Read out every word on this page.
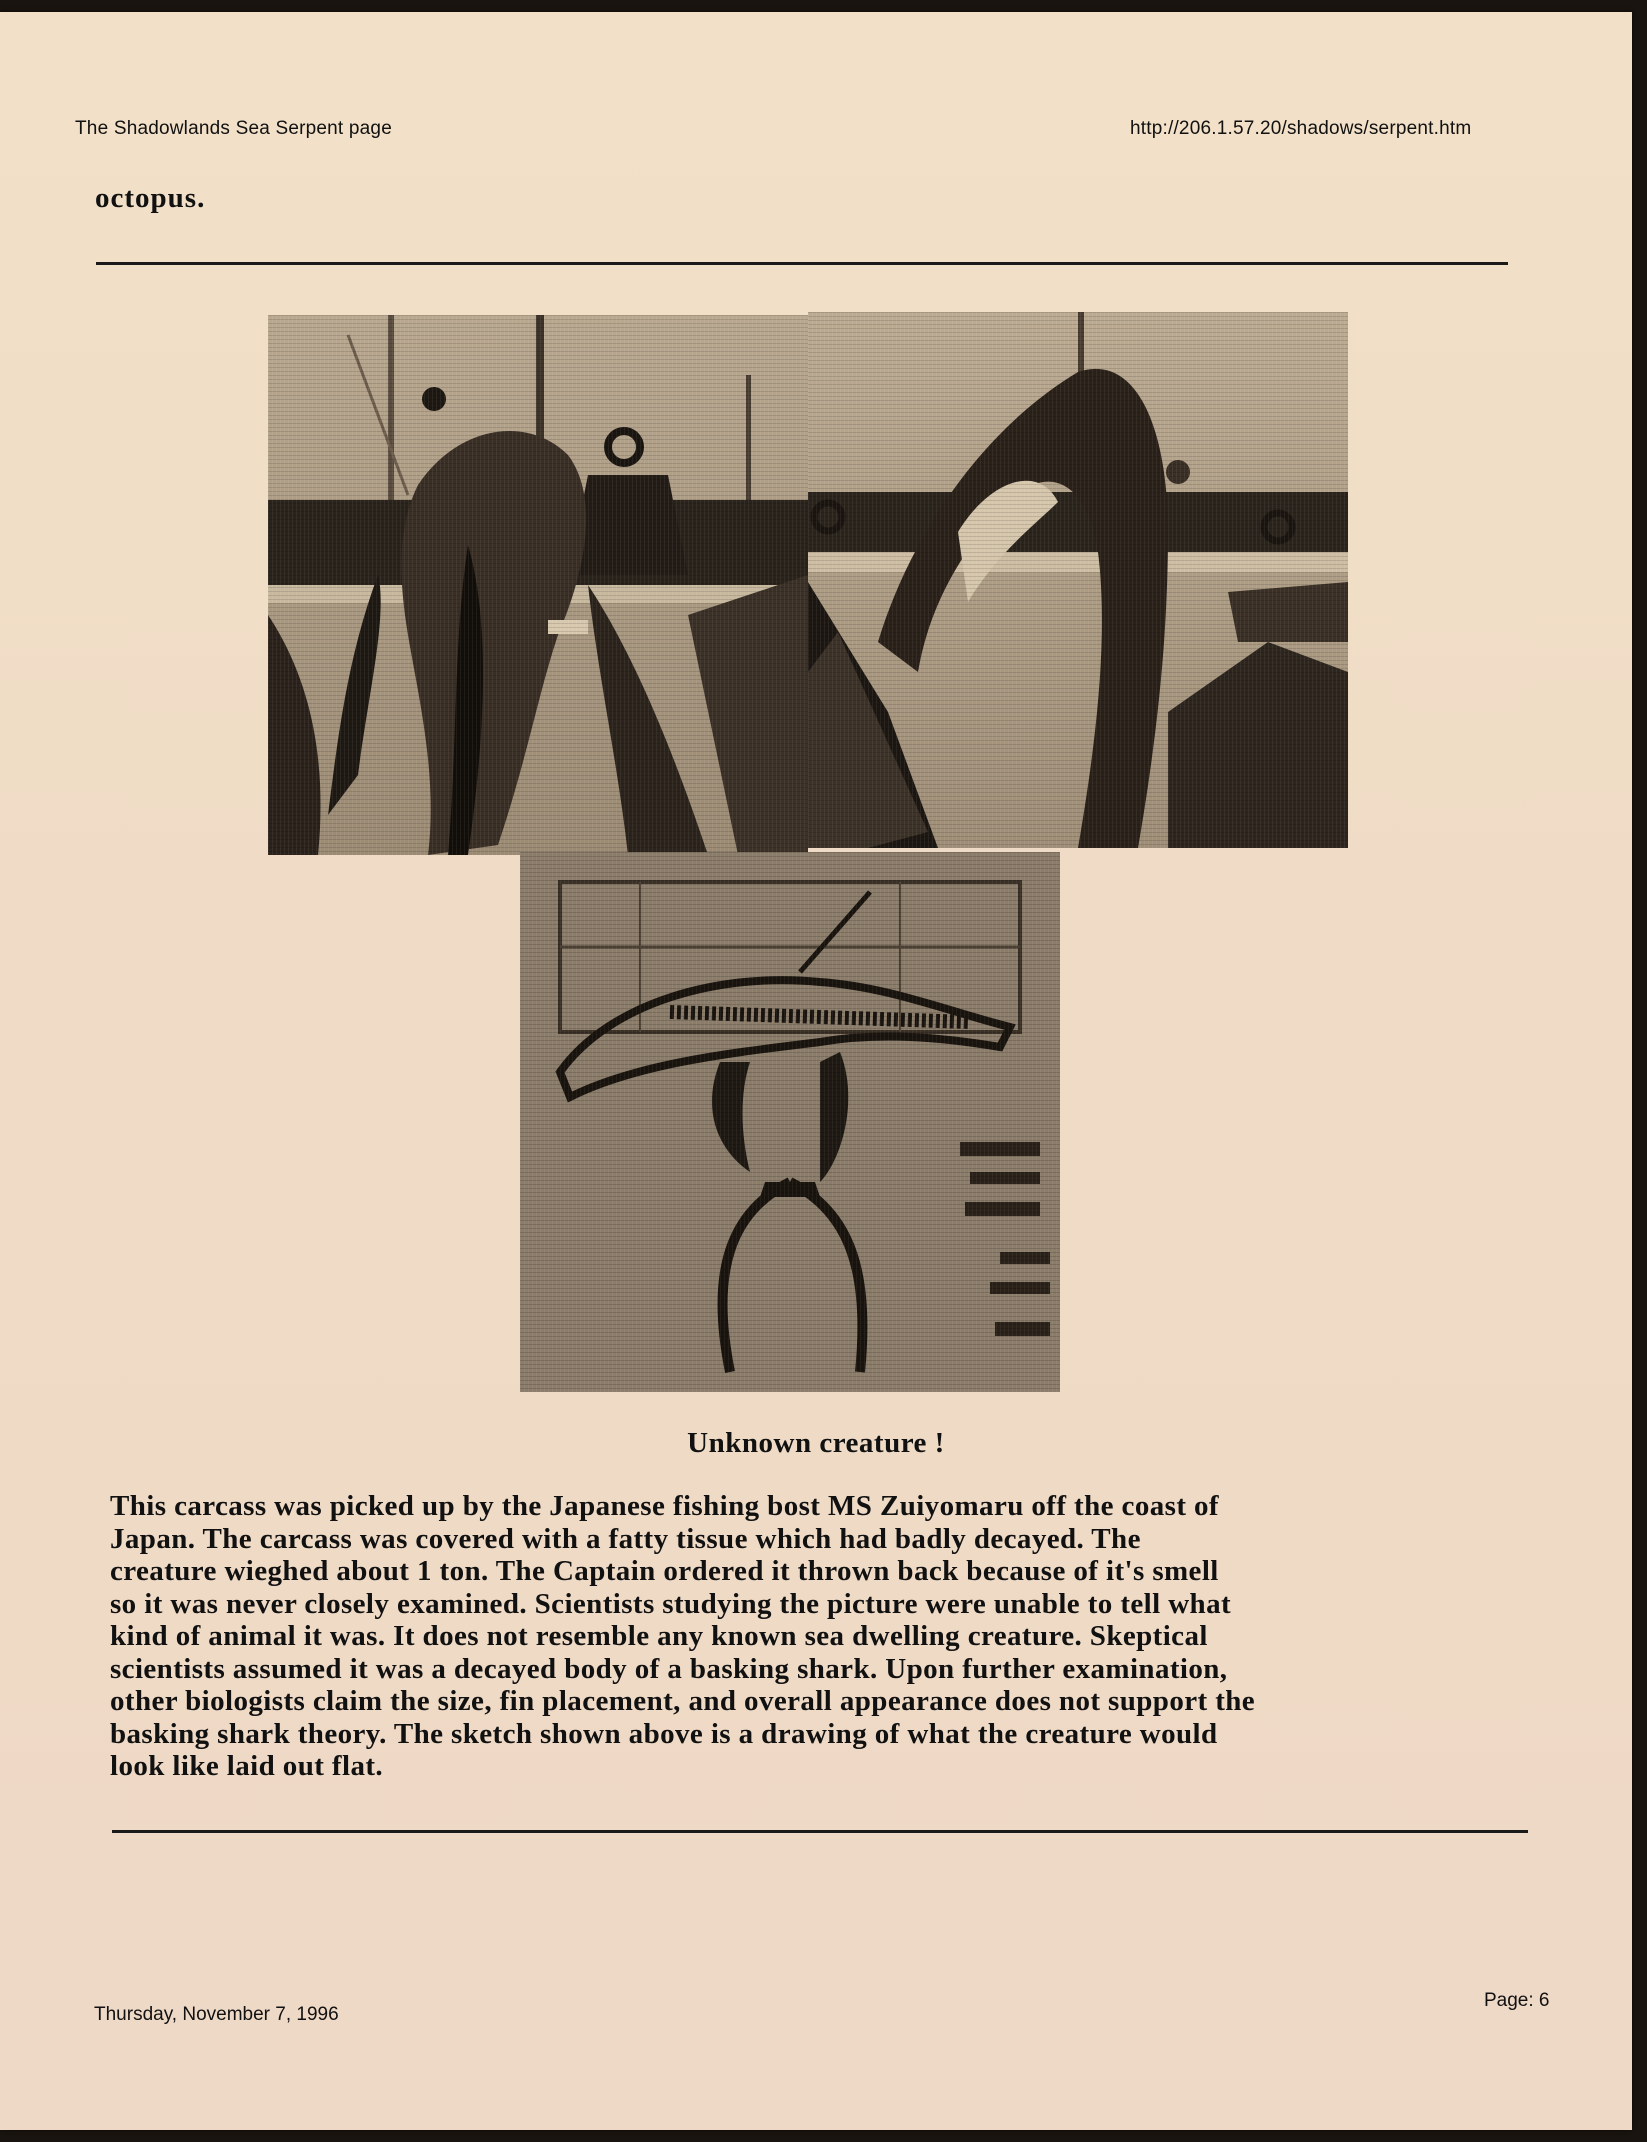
The Shadowlands Sea Serpent page	http://206.1.57.20/shadows/serpent.htm
octopus.
Unknown creature !
This carcass was picked up by the Japanese fishing bost MS Zuiyomaru off the coast of
Japan. The carcass was covered with a fatty tissue which had badly decayed. The
creature wieghed about 1 ton. The Captain ordered it thrown back because of it's smell
so it was never closely examined. Scientists studying the picture were unable to tell what
kind of animal it was. It does not resemble any known sea dwelling creature. Skeptical
scientists assumed it was a decayed body of a basking shark. Upon further examination,
other biologists claim the size, fin placement, and overall appearance does not support the
basking shark theory. The sketch shown above is a drawing of what the creature would
look like laid out flat.
Thursday, November 7, 1996
Page: 6
